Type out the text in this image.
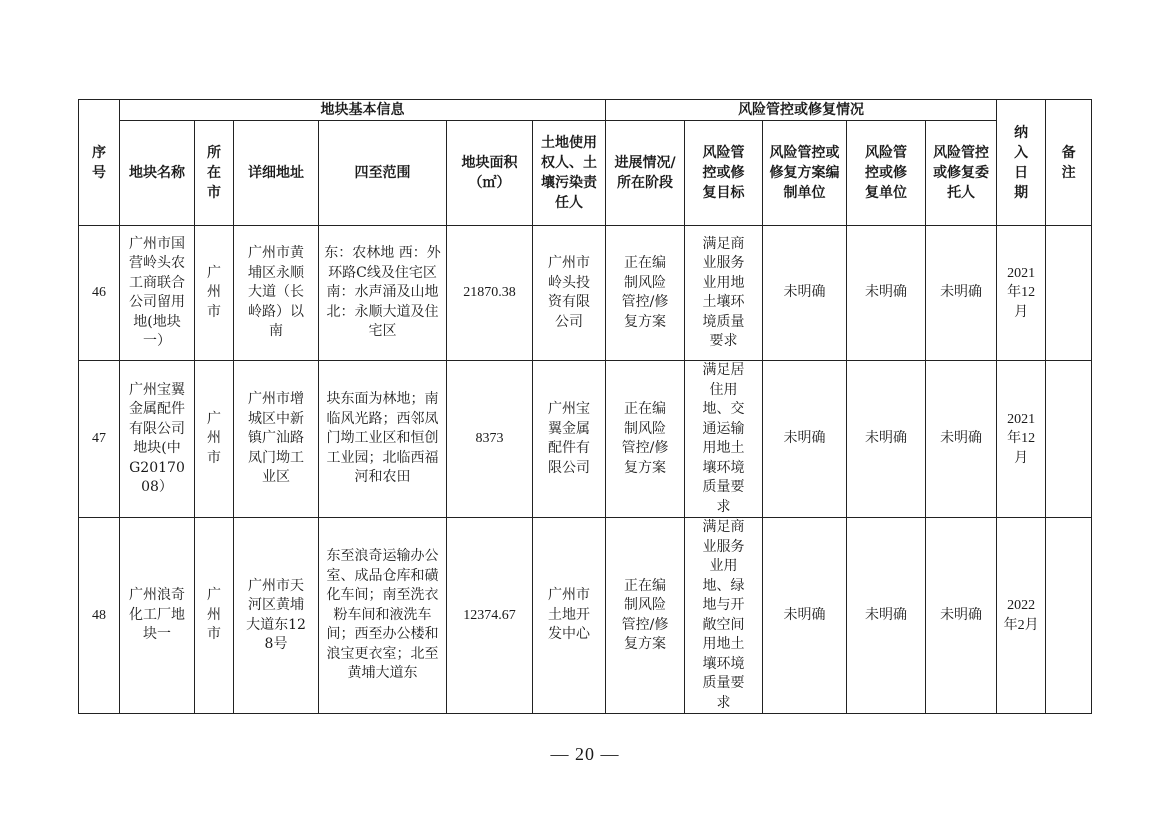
序号	地块基本信息						风险管控或修复情况					纳入日期	备注
	地块名称	所在市	详细地址	四至范围	地块面积（㎡）	土地使用权人、土壤污染责任人	进展情况/所在阶段	风险管控或修复目标	风险管控或修复方案编制单位	风险管控或修复单位	风险管控或修复委托人		
46	广州市国营岭头农工商联合公司留用地(地块一）	广州市	广州市黄埔区永顺大道（长岭路）以南	东：农林地 西：外环路C线及住宅区 南：水声涌及山地 北：永顺大道及住宅区	21870.38	广州市岭头投资有限公司	正在编制风险管控/修复方案	满足商业服务业用地土壤环境质量要求	未明确	未明确	未明确	2021年12月	
47	广州宝翼金属配件有限公司地块(中G2017008）	广州市	广州市增城区中新镇广汕路凤门坳工业区	块东面为林地；南临风光路；西邻凤门坳工业区和恒创工业园；北临西福河和农田	8373	广州宝翼金属配件有限公司	正在编制风险管控/修复方案	满足居住用地、交通运输用地土壤环境质量要求	未明确	未明确	未明确	2021年12月	
48	广州浪奇化工厂地块一	广州市	广州市天河区黄埔大道东128号	东至浪奇运输办公室、成品仓库和磺化车间；南至洗衣粉车间和液洗车间；西至办公楼和浪宝更衣室；北至黄埔大道东	12374.67	广州市土地开发中心	正在编制风险管控/修复方案	满足商业服务业用地、绿地与开敞空间用地土壤环境质量要求	未明确	未明确	未明确	2022年2月	
— 20 —
